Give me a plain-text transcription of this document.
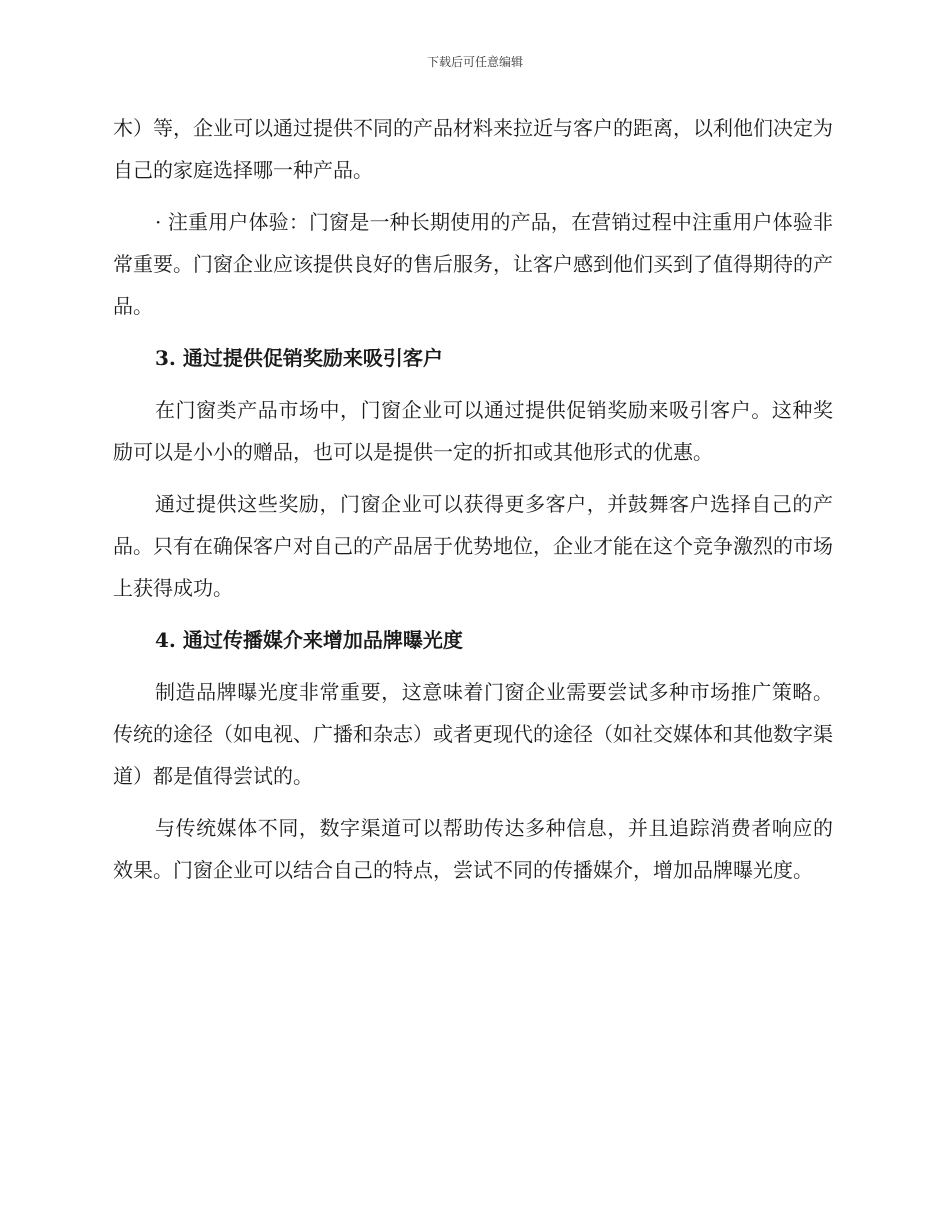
下载后可任意编辑

木）等，企业可以通过提供不同的产品材料来拉近与客户的距离，以利他们决定为自己的家庭选择哪一种产品。

· 注重用户体验：门窗是一种长期使用的产品，在营销过程中注重用户体验非常重要。门窗企业应该提供良好的售后服务，让客户感到他们买到了值得期待的产品。

3. 通过提供促销奖励来吸引客户

在门窗类产品市场中，门窗企业可以通过提供促销奖励来吸引客户。这种奖励可以是小小的赠品，也可以是提供一定的折扣或其他形式的优惠。

通过提供这些奖励，门窗企业可以获得更多客户，并鼓舞客户选择自己的产品。只有在确保客户对自己的产品居于优势地位，企业才能在这个竞争激烈的市场上获得成功。

4. 通过传播媒介来增加品牌曝光度

制造品牌曝光度非常重要，这意味着门窗企业需要尝试多种市场推广策略。传统的途径（如电视、广播和杂志）或者更现代的途径（如社交媒体和其他数字渠道）都是值得尝试的。

与传统媒体不同，数字渠道可以帮助传达多种信息，并且追踪消费者响应的效果。门窗企业可以结合自己的特点，尝试不同的传播媒介，增加品牌曝光度。
